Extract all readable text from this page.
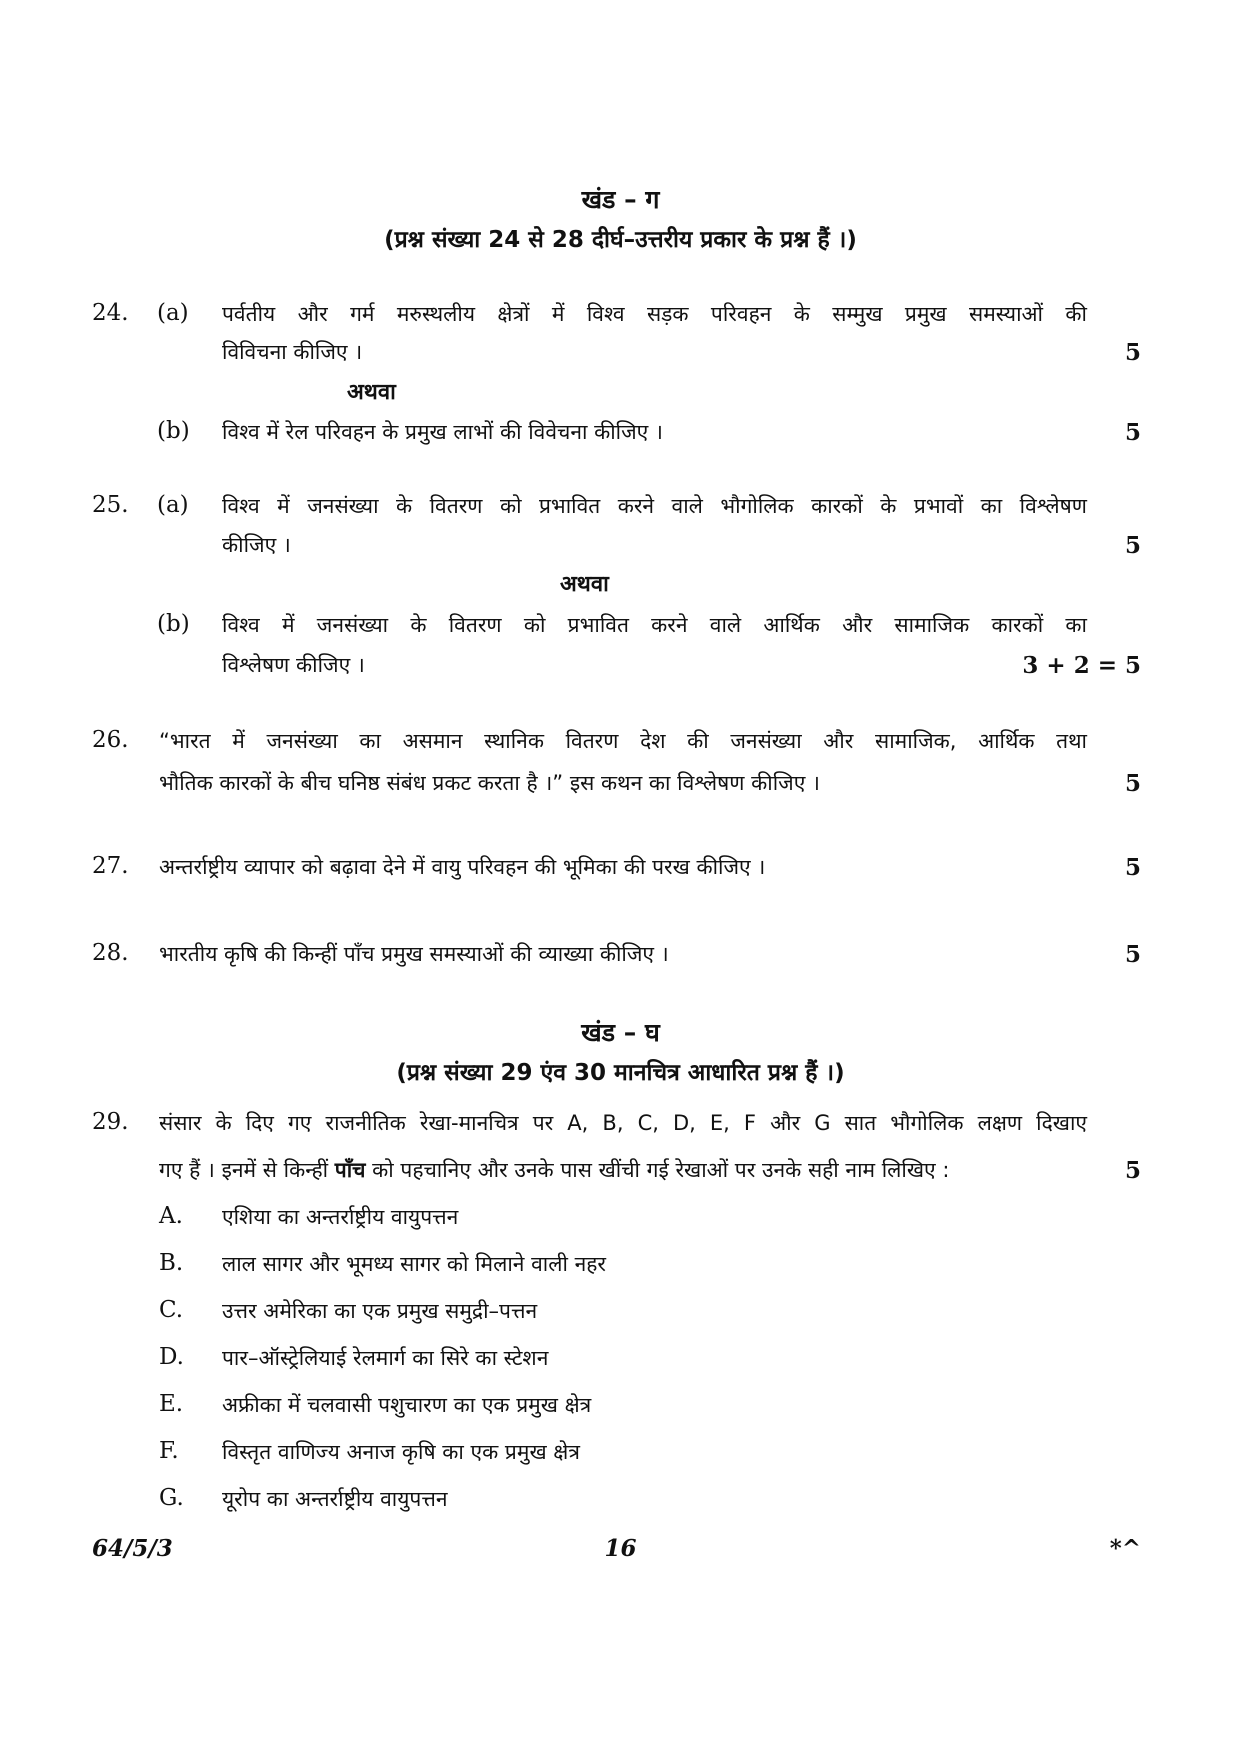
खंड – ग
(प्रश्न संख्या 24 से 28 दीर्घ–उत्तरीय प्रकार के प्रश्न हैं ।)
24. (a) पर्वतीय और गर्म मरुस्थलीय क्षेत्रों में विश्व सड़क परिवहन के सम्मुख प्रमुख समस्याओं की
विविचना कीजिए ।	5
अथवा
(b) विश्व में रेल परिवहन के प्रमुख लाभों की विवेचना कीजिए ।	5
25. (a) विश्व में जनसंख्या के वितरण को प्रभावित करने वाले भौगोलिक कारकों के प्रभावों का विश्लेषण
कीजिए ।	5
अथवा
(b) विश्व में जनसंख्या के वितरण को प्रभावित करने वाले आर्थिक और सामाजिक कारकों का
विश्लेषण कीजिए ।	3 + 2 = 5
26. “भारत में जनसंख्या का असमान स्थानिक वितरण देश की जनसंख्या और सामाजिक, आर्थिक तथा
भौतिक कारकों के बीच घनिष्ठ संबंध प्रकट करता है ।” इस कथन का विश्लेषण कीजिए ।	5
27. अन्तर्राष्ट्रीय व्यापार को बढ़ावा देने में वायु परिवहन की भूमिका की परख कीजिए ।	5
28. भारतीय कृषि की किन्हीं पाँच प्रमुख समस्याओं की व्याख्या कीजिए ।	5
खंड – घ
(प्रश्न संख्या 29 एंव 30 मानचित्र आधारित प्रश्न हैं ।)
29. संसार के दिए गए राजनीतिक रेखा-मानचित्र पर A, B, C, D, E, F और G सात भौगोलिक लक्षण दिखाए
गए हैं । इनमें से किन्हीं पाँच को पहचानिए और उनके पास खींची गई रेखाओं पर उनके सही नाम लिखिए :	5
A. एशिया का अन्तर्राष्ट्रीय वायुपत्तन
B. लाल सागर और भूमध्य सागर को मिलाने वाली नहर
C. उत्तर अमेरिका का एक प्रमुख समुद्री–पत्तन
D. पार–ऑस्ट्रेलियाई रेलमार्ग का सिरे का स्टेशन
E. अफ्रीका में चलवासी पशुचारण का एक प्रमुख क्षेत्र
F. विस्तृत वाणिज्य अनाज कृषि का एक प्रमुख क्षेत्र
G. यूरोप का अन्तर्राष्ट्रीय वायुपत्तन
64/5/3	16	*^
